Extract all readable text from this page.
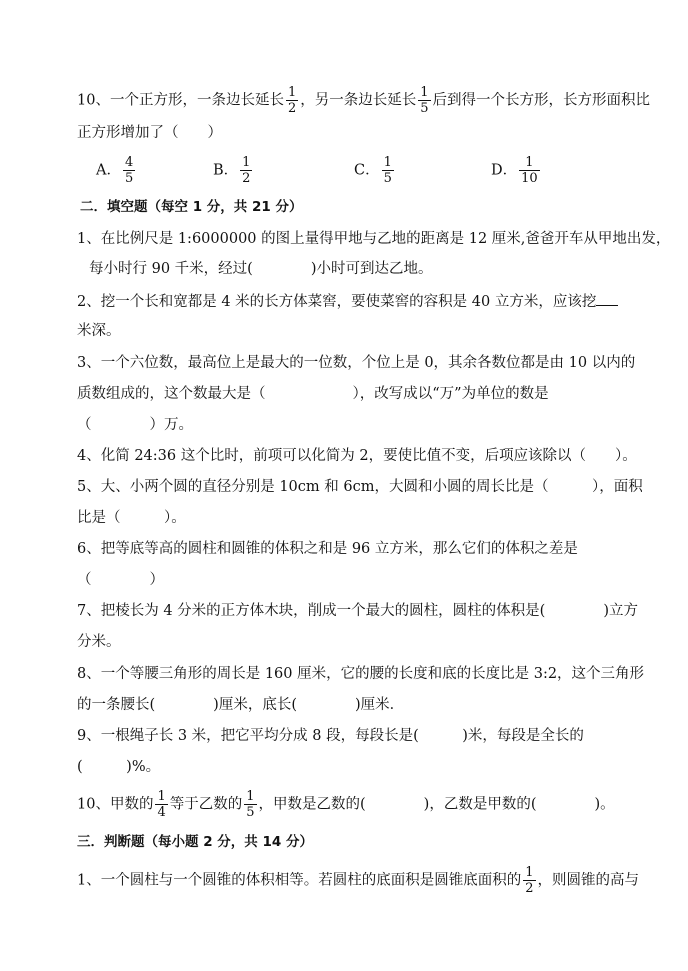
10、一个正方形，一条边长延长 $\frac{1}{2}$ ，另一条边长延长 $\frac{1}{5}$ 后到得一个长方形，长方形面积比
正方形增加了（　　）
A． $\frac{4}{5}$	B． $\frac{1}{2}$	C． $\frac{1}{5}$	D． $\frac{1}{10}$
二．填空题（每空 1 分，共 21 分）
1、在比例尺是 1:6000000 的图上量得甲地与乙地的距离是 12 厘米,爸爸开车从甲地出发，
每小时行 90 千米，经过(　　　　)小时可到达乙地。
2、挖一个长和宽都是 4 米的长方体菜窖，要使菜窖的容积是 40 立方米，应该挖
米深。
3、一个六位数，最高位上是最大的一位数，个位上是 0，其余各数位都是由 10 以内的
质数组成的，这个数最大是（　　　　　　），改写成以“万”为单位的数是
（　　　　）万。
4、化简 24:36 这个比时，前项可以化简为 2，要使比值不变，后项应该除以（　　）。
5、大、小两个圆的直径分别是 10cm 和 6cm，大圆和小圆的周长比是（　　　），面积
比是（　　　）。
6、把等底等高的圆柱和圆锥的体积之和是 96 立方米，那么它们的体积之差是
（　　　　）
7、把棱长为 4 分米的正方体木块，削成一个最大的圆柱，圆柱的体积是(　　　　)立方
分米。
8、一个等腰三角形的周长是 160 厘米，它的腰的长度和底的长度比是 3:2，这个三角形
的一条腰长(　　　　)厘米，底长(　　　　)厘米．
9、一根绳子长 3 米，把它平均分成 8 段，每段长是(　　　)米，每段是全长的
(　　　)%。
10、甲数的 $\frac{1}{4}$ 等于乙数的 $\frac{1}{5}$ ，甲数是乙数的(　　　　)，乙数是甲数的(　　　　)。
三．判断题（每小题 2 分，共 14 分）
1、一个圆柱与一个圆锥的体积相等。若圆柱的底面积是圆锥底面积的 $\frac{1}{2}$ ，则圆锥的高与
